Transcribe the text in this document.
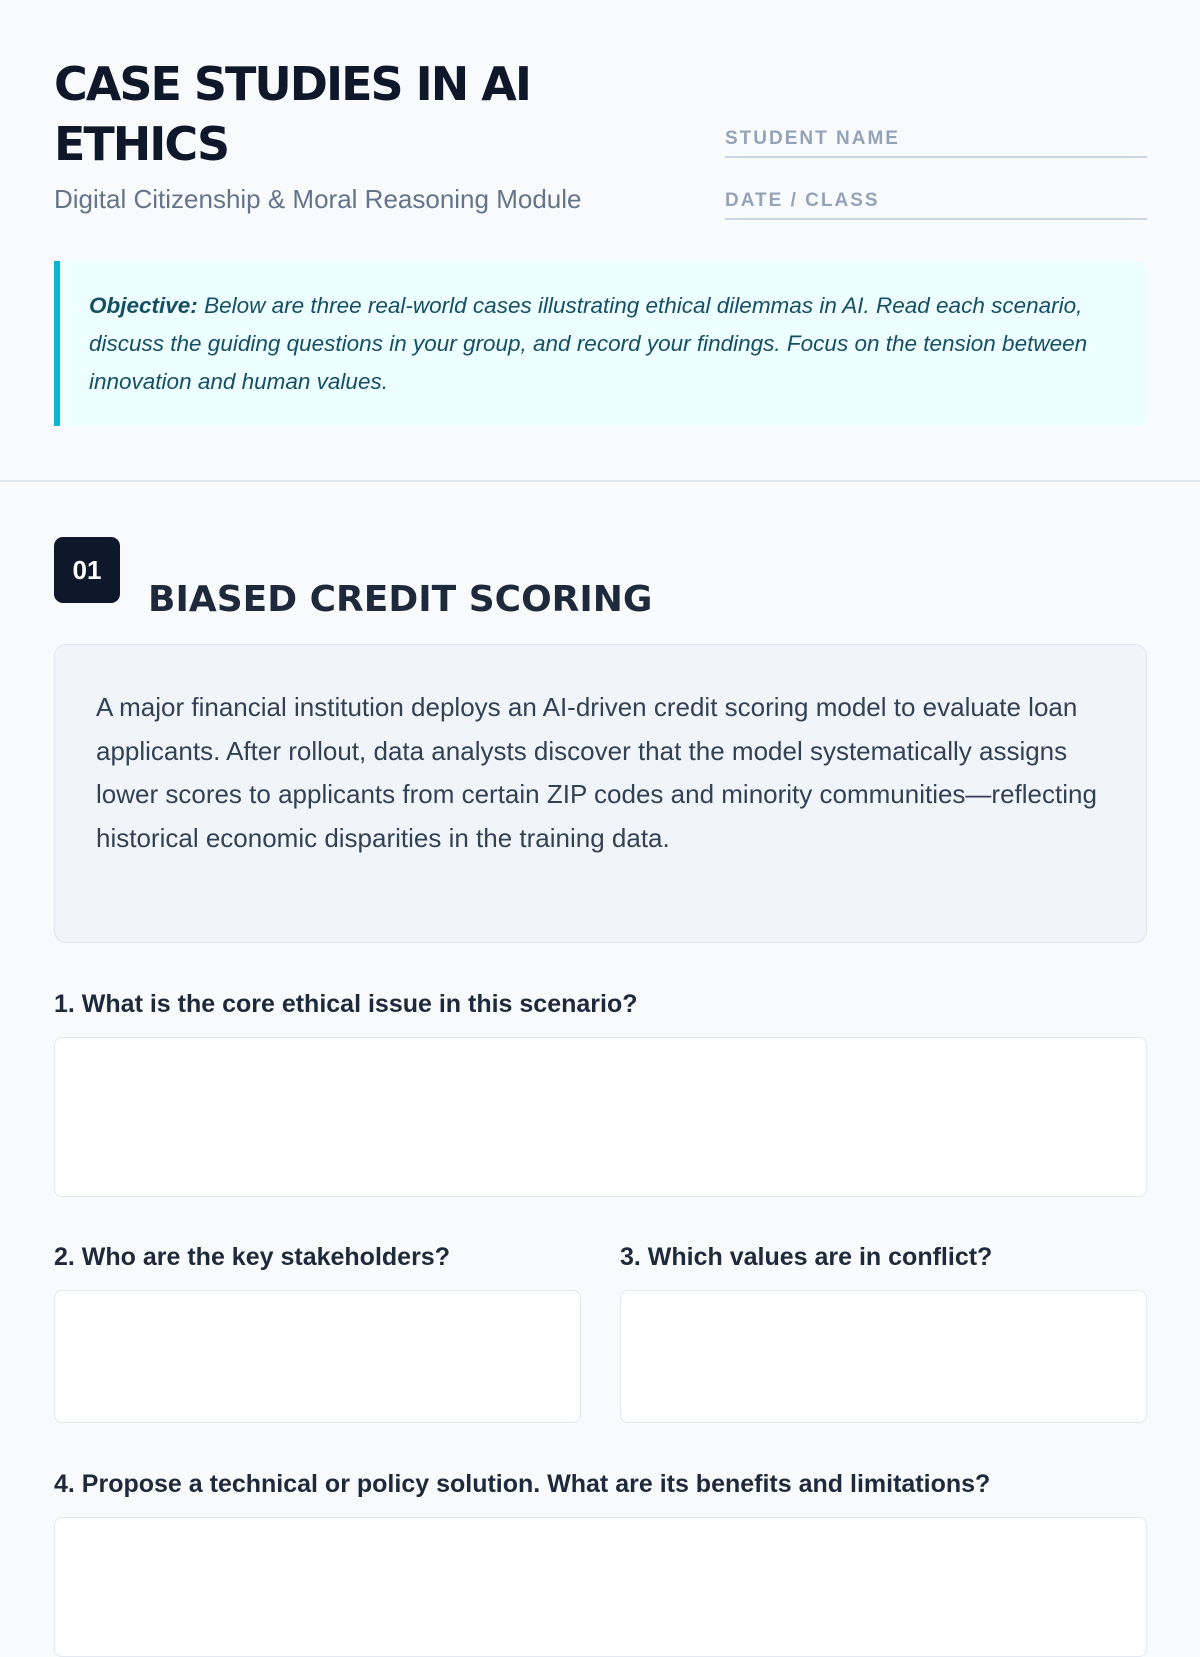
CASE STUDIES IN AI ETHICS
Digital Citizenship & Moral Reasoning Module
STUDENT NAME
DATE / CLASS
Objective: Below are three real-world cases illustrating ethical dilemmas in AI. Read each scenario, discuss the guiding questions in your group, and record your findings. Focus on the tension between innovation and human values.
01
BIASED CREDIT SCORING
A major financial institution deploys an AI-driven credit scoring model to evaluate loan applicants. After rollout, data analysts discover that the model systematically assigns lower scores to applicants from certain ZIP codes and minority communities—reflecting historical economic disparities in the training data.
1. What is the core ethical issue in this scenario?
2. Who are the key stakeholders?	3. Which values are in conflict?
4. Propose a technical or policy solution. What are its benefits and limitations?
